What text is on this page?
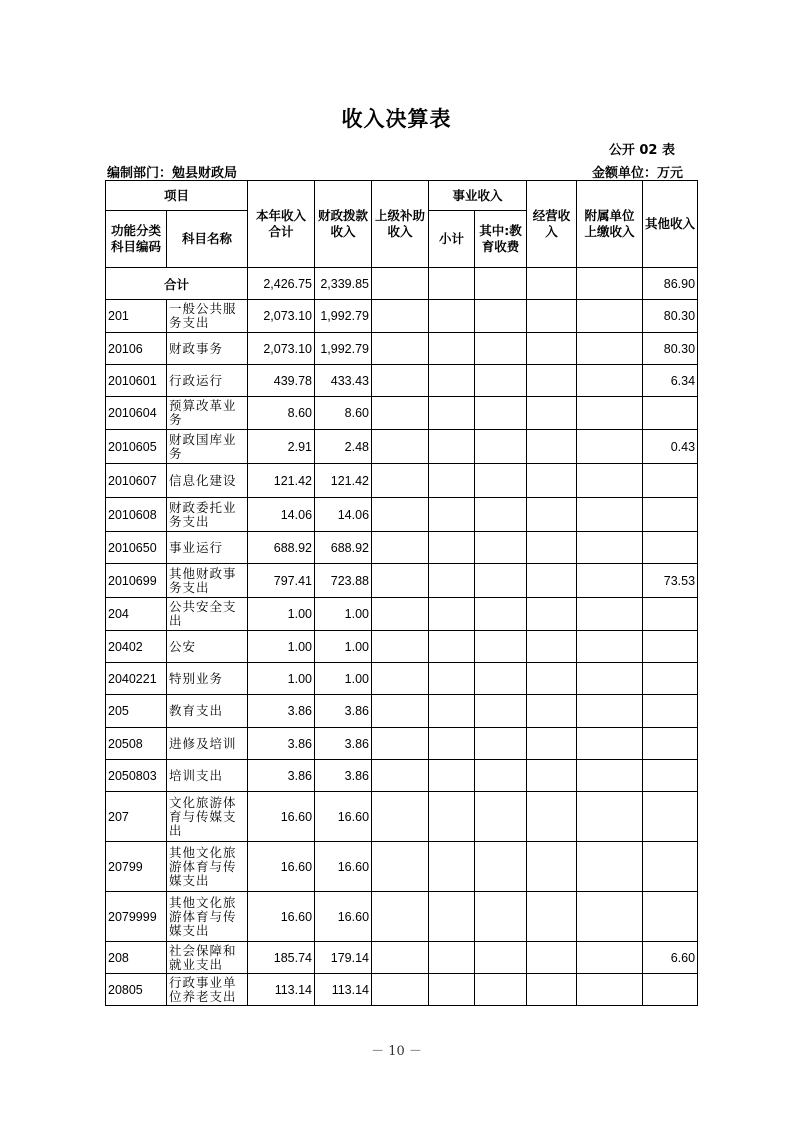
收入决算表
公开 02 表
编制部门：勉县财政局	金额单位：万元
项目		本年收入合计	财政拨款收入	上级补助收入	事业收入		经营收入	附属单位上缴收入	其他收入
功能分类科目编码	科目名称				小计	其中:教育收费			

合计		2,426.75	2,339.85						86.90
201	一般公共服务支出	2,073.10	1,992.79						80.30
20106	财政事务	2,073.10	1,992.79						80.30
2010601	行政运行	439.78	433.43						6.34
2010604	预算改革业务	8.60	8.60						
2010605	财政国库业务	2.91	2.48						0.43
2010607	信息化建设	121.42	121.42						
2010608	财政委托业务支出	14.06	14.06						
2010650	事业运行	688.92	688.92						
2010699	其他财政事务支出	797.41	723.88						73.53
204	公共安全支出	1.00	1.00						
20402	公安	1.00	1.00						
2040221	特别业务	1.00	1.00						
205	教育支出	3.86	3.86						
20508	进修及培训	3.86	3.86						
2050803	培训支出	3.86	3.86						
207	文化旅游体育与传媒支出	16.60	16.60						
20799	其他文化旅游体育与传媒支出	16.60	16.60						
2079999	其他文化旅游体育与传媒支出	16.60	16.60						
208	社会保障和就业支出	185.74	179.14						6.60
20805	行政事业单位养老支出	113.14	113.14						
－ 10 －
